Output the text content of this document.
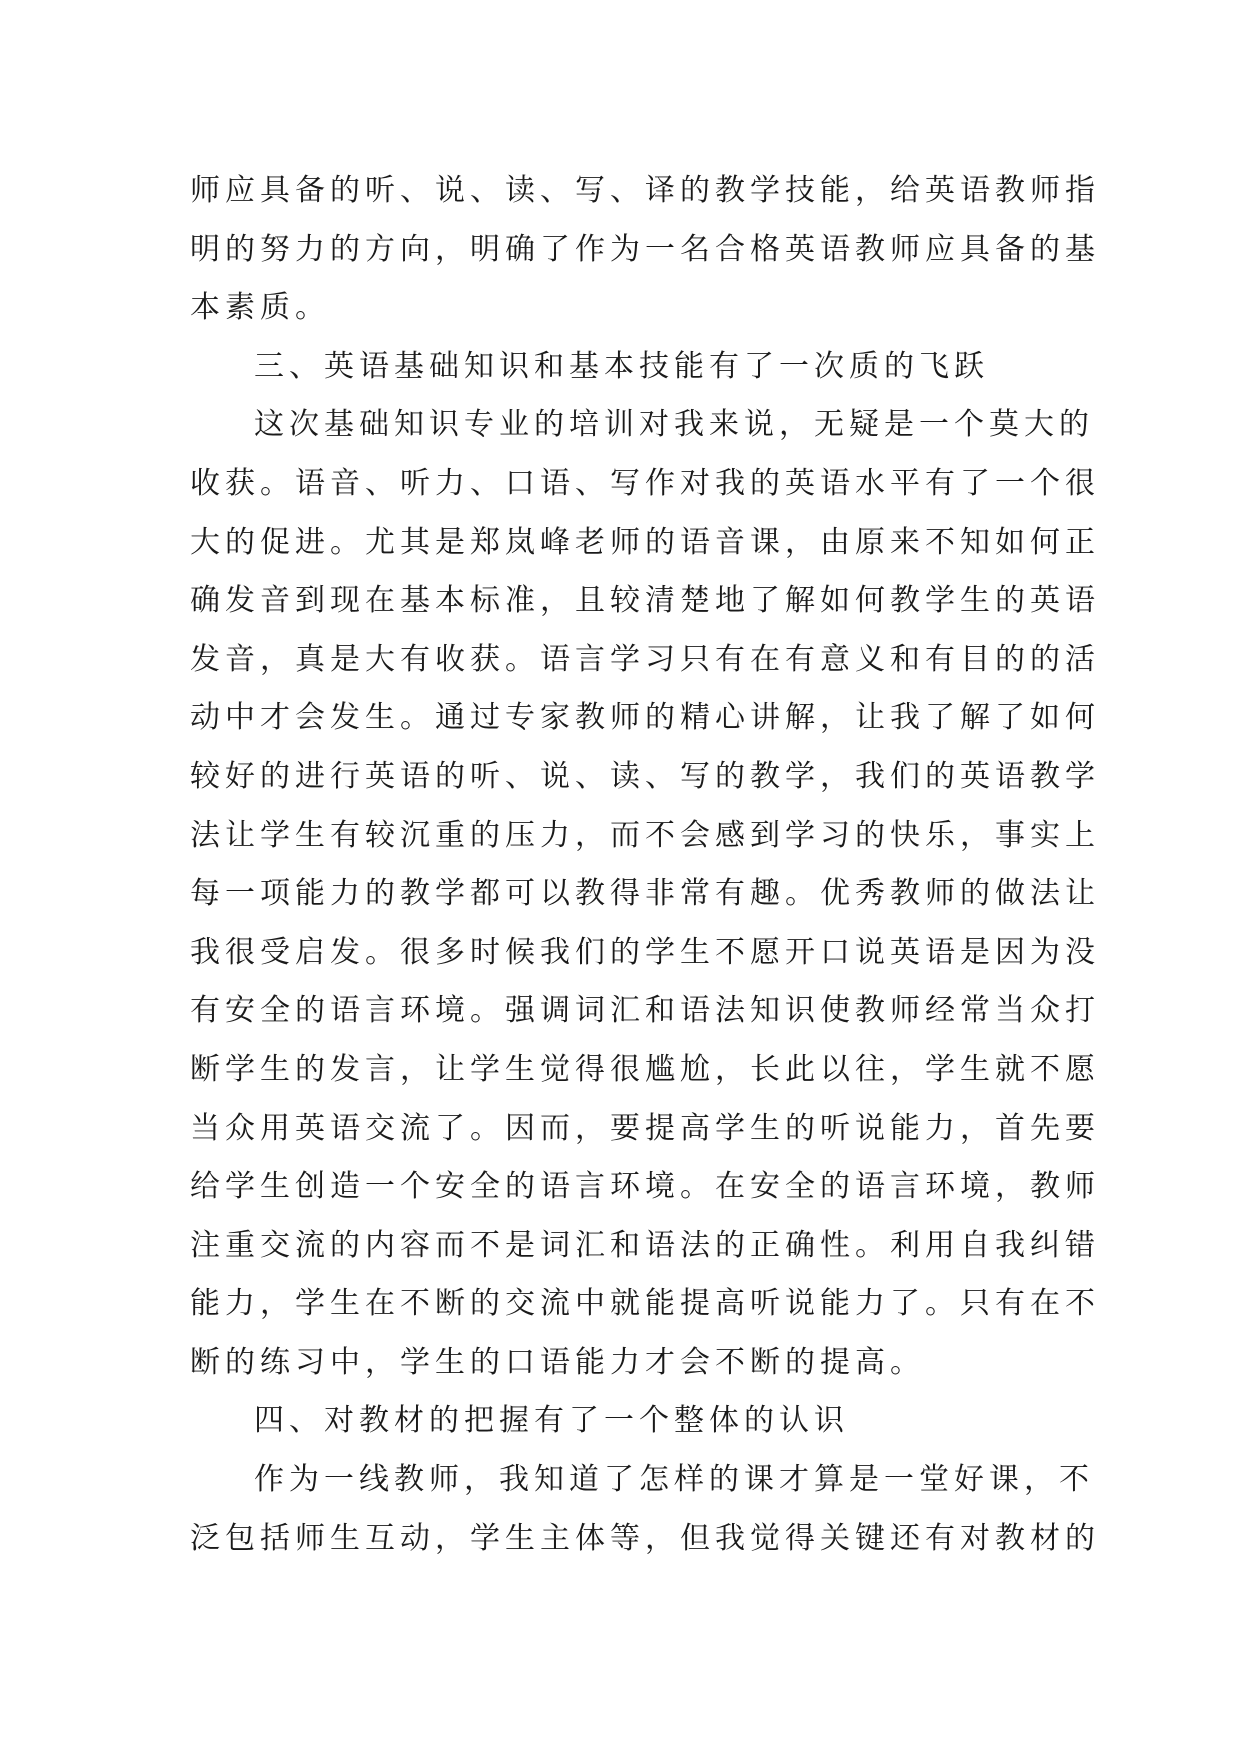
师应具备的听、说、读、写、译的教学技能，给英语教师指
明的努力的方向，明确了作为一名合格英语教师应具备的基
本素质。
三、英语基础知识和基本技能有了一次质的飞跃
这次基础知识专业的培训对我来说，无疑是一个莫大的
收获。语音、听力、口语、写作对我的英语水平有了一个很
大的促进。尤其是郑岚峰老师的语音课，由原来不知如何正
确发音到现在基本标准，且较清楚地了解如何教学生的英语
发音，真是大有收获。语言学习只有在有意义和有目的的活
动中才会发生。通过专家教师的精心讲解，让我了解了如何
较好的进行英语的听、说、读、写的教学，我们的英语教学
法让学生有较沉重的压力，而不会感到学习的快乐，事实上
每一项能力的教学都可以教得非常有趣。优秀教师的做法让
我很受启发。很多时候我们的学生不愿开口说英语是因为没
有安全的语言环境。强调词汇和语法知识使教师经常当众打
断学生的发言，让学生觉得很尴尬，长此以往，学生就不愿
当众用英语交流了。因而，要提高学生的听说能力，首先要
给学生创造一个安全的语言环境。在安全的语言环境，教师
注重交流的内容而不是词汇和语法的正确性。利用自我纠错
能力，学生在不断的交流中就能提高听说能力了。只有在不
断的练习中，学生的口语能力才会不断的提高。
四、对教材的把握有了一个整体的认识
作为一线教师，我知道了怎样的课才算是一堂好课，不
泛包括师生互动，学生主体等，但我觉得关键还有对教材的
